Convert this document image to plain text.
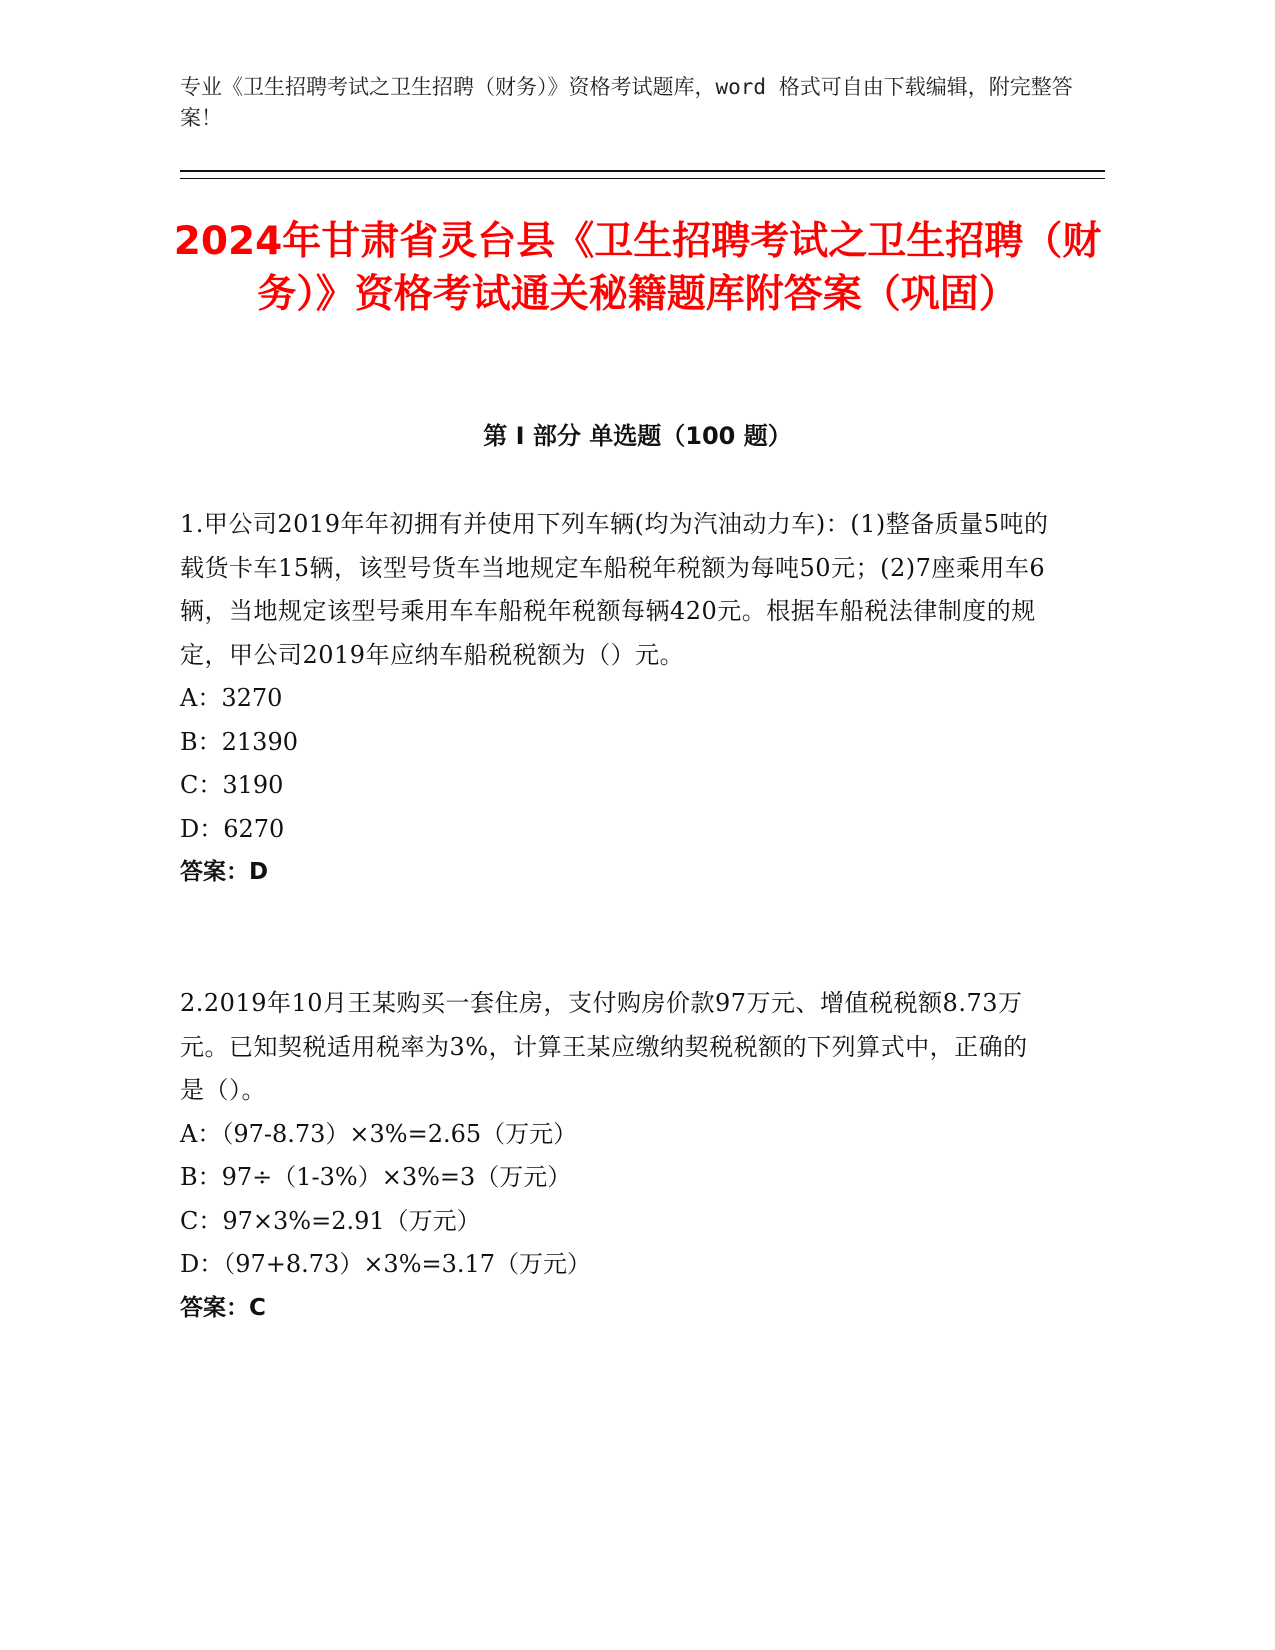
专业《卫生招聘考试之卫生招聘（财务）》资格考试题库，word 格式可自由下载编辑，附完整答案！
2024年甘肃省灵台县《卫生招聘考试之卫生招聘（财务）》资格考试通关秘籍题库附答案（巩固）
第 I 部分 单选题（100 题）

1.甲公司2019年年初拥有并使用下列车辆(均为汽油动力车)：(1)整备质量5吨的载货卡车15辆，该型号货车当地规定车船税年税额为每吨50元；(2)7座乘用车6辆，当地规定该型号乘用车车船税年税额每辆420元。根据车船税法律制度的规定，甲公司2019年应纳车船税税额为（）元。

A：3270

B：21390

C：3190

D：6270

答案：D

2.2019年10月王某购买一套住房，支付购房价款97万元、增值税税额8.73万元。已知契税适用税率为3%，计算王某应缴纳契税税额的下列算式中，正确的是（）。

A：（97-8.73）×3%=2.65（万元）

B：97÷（1-3%）×3%=3（万元）

C：97×3%=2.91（万元）

D：（97+8.73）×3%=3.17（万元）

答案：C
